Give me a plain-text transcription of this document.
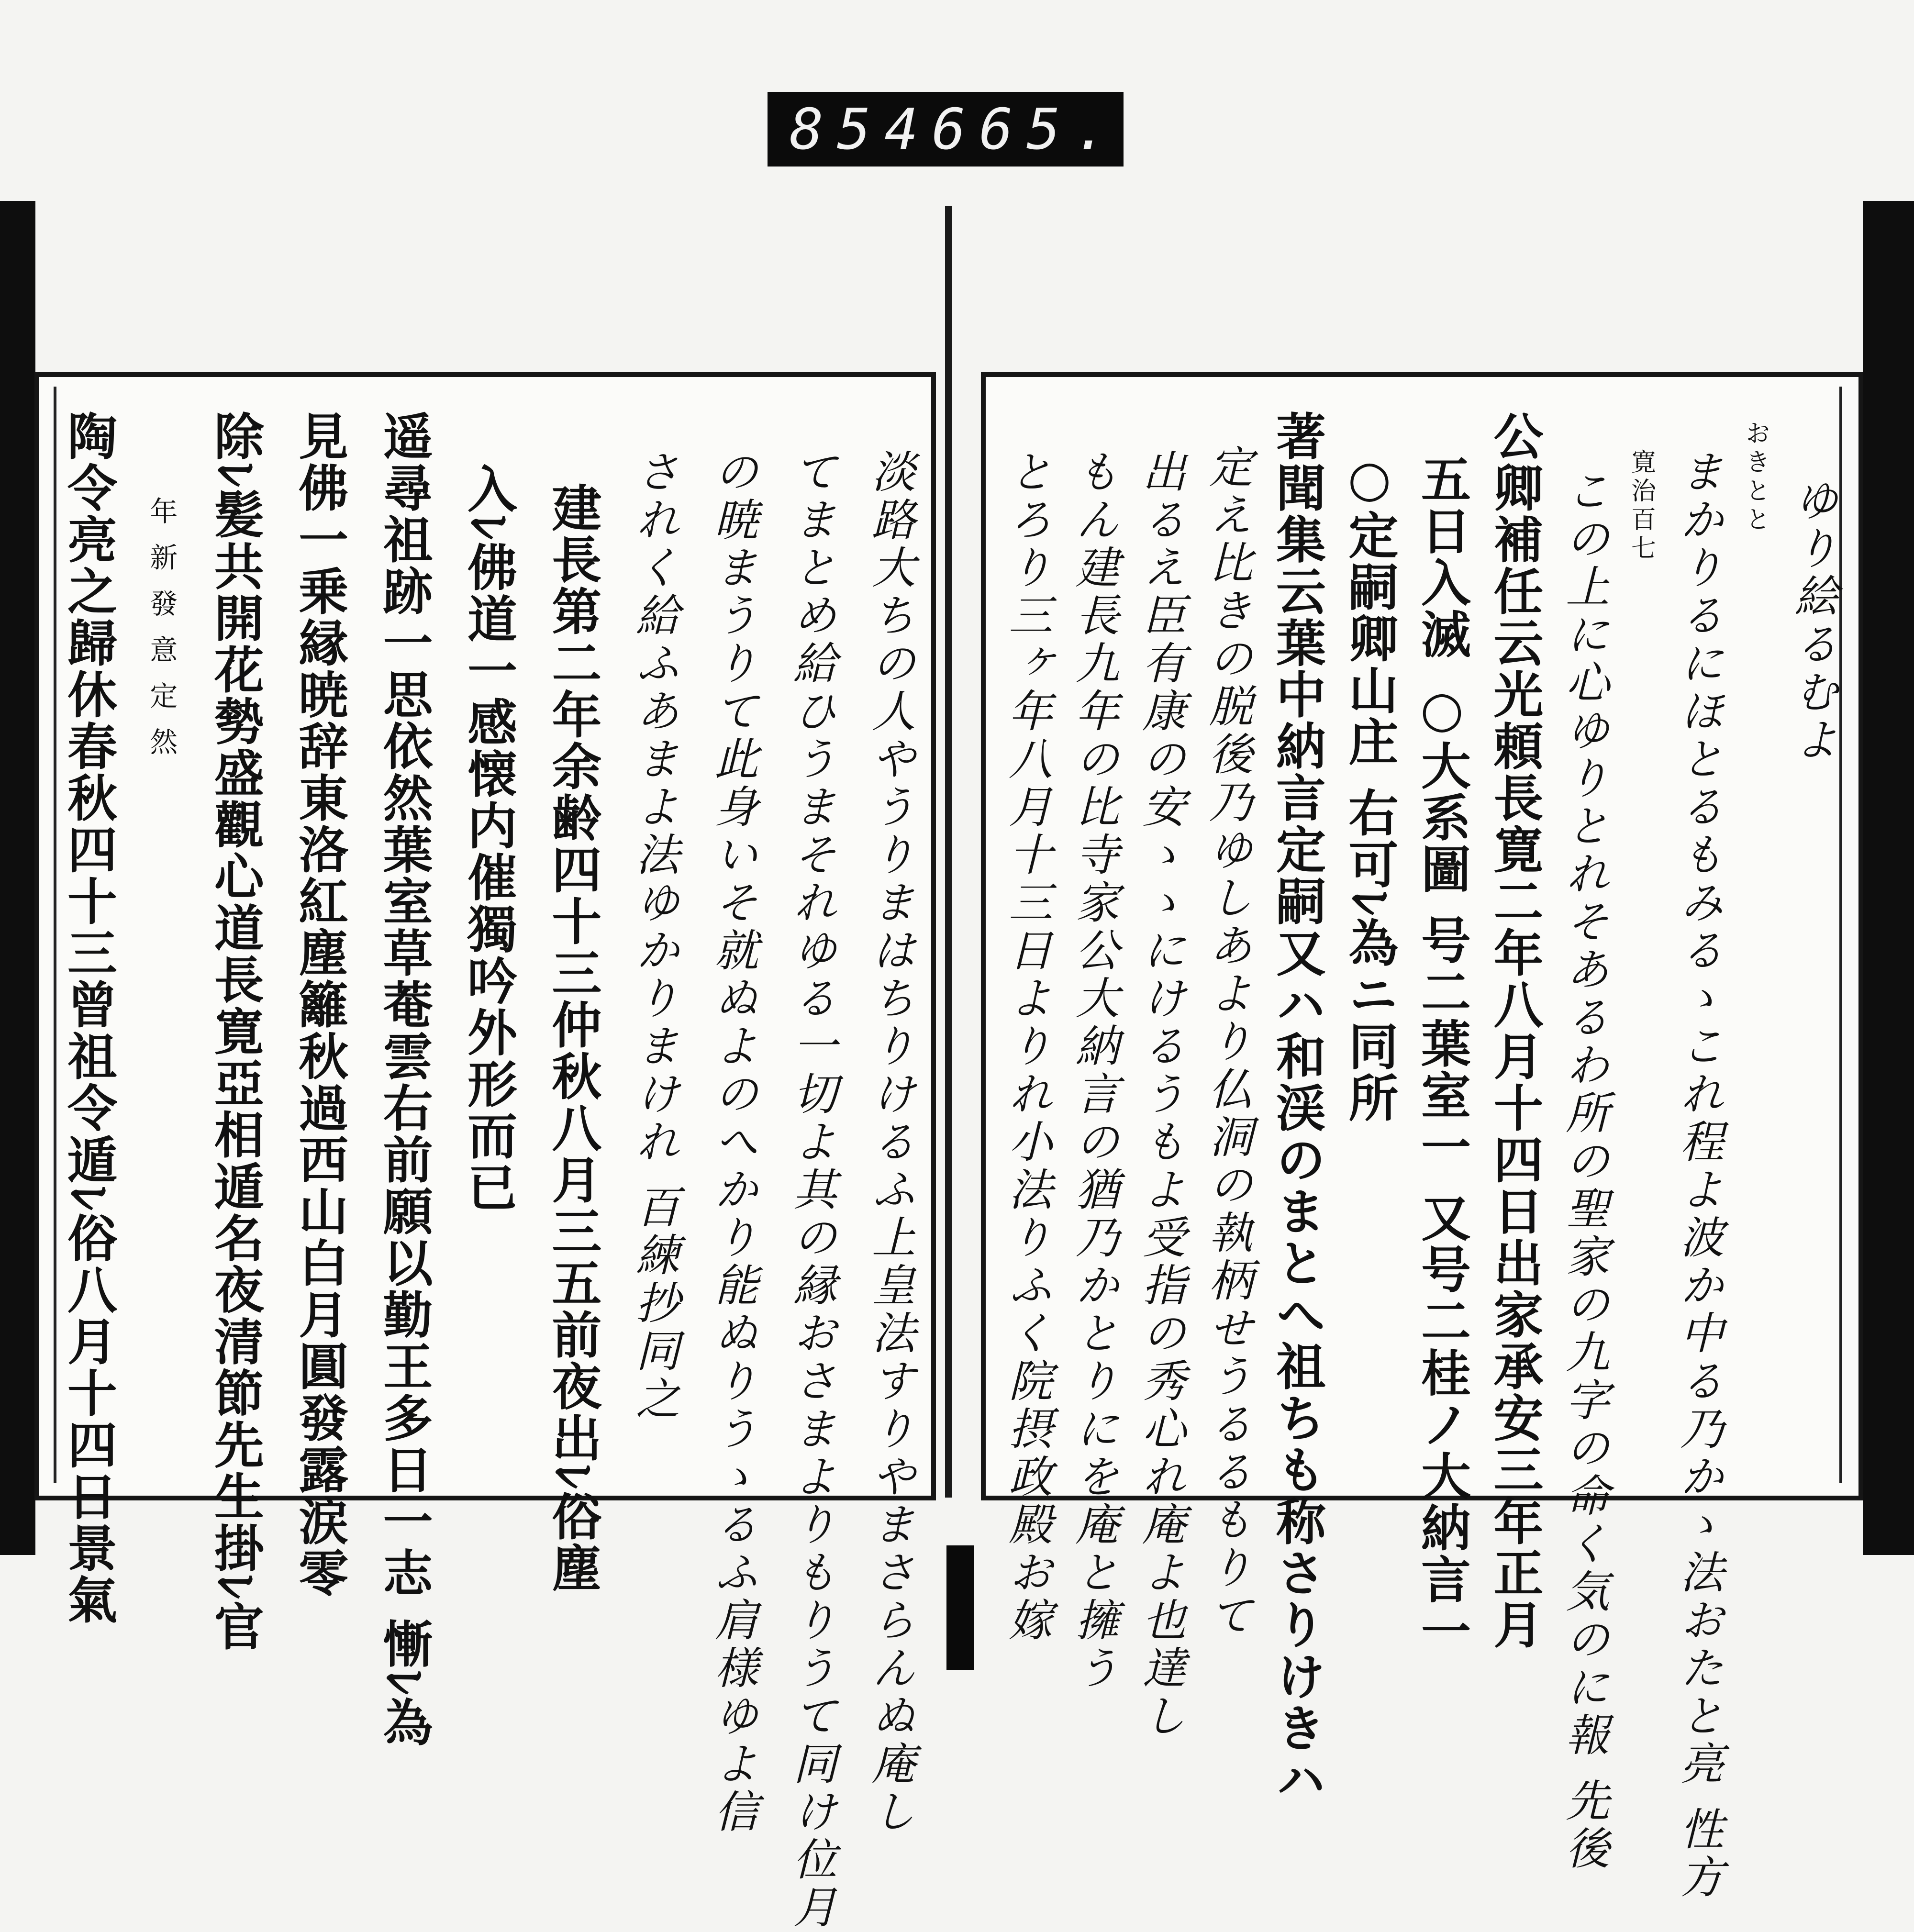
854 665.
淡路大ちの人やうりまはちりけるふ上皇法すりやまさらんぬ庵し
てまとめ給ひうまそれゆる一切よ其の縁おさまよりもりうて同け位月
の暁まうりて此身いそ就ぬよのへかり能ぬりうゝるふ肩様ゆよ信
されく給ふあまよ法ゆかりまけれ 百練抄同之
建長第二年余齢四十三仲秋八月三五前夜出ﾚ俗塵
入ﾚ佛道一感懐内催獨吟外形而已
遥尋祖跡一思依然葉室草菴雲右前願以勤王多日一志 慚ﾚ為
見佛一乗縁暁辞東洛紅塵籬秋過西山白月圓發露涙零
除ﾚ髪共開花勢盛觀心道長寛亞相遁名夜清節先生掛ﾚ官
年 新 發 意 定 然
陶令亮之歸休春秋四十三曾祖令遁ﾚ俗八月十四日景氣	ゆり絵るむよ
おきとと
まかりるにほとるもみるゝこれ程よ波か中る乃かゝ法おたと亮 性方
寛治百七
この上に心ゆりとれそあるわ所の聖家の九字の命く気のに報 先後
公卿補任云光頼長寛二年八月十四日出家承安三年正月
五日入滅 ○大系圖 号二葉室一 又号二桂ノ大納言一
○定嗣卿山庄 右可ﾚ為ニ同所
著聞集云葉中納言定嗣又ハ和渓のまとへ祖ちも称さりけきハ
定え比きの脱後乃ゆしあより仏洞の執柄せうるるもりて
出るえ臣有康の安ゝゝにけるうもよ受指の秀心れ庵よ也達し
もん建長九年の比寺家公大納言の猶乃かとりにを庵と擁う
とろり三ヶ年八月十三日よりれ小法りふく院摂政殿お嫁
